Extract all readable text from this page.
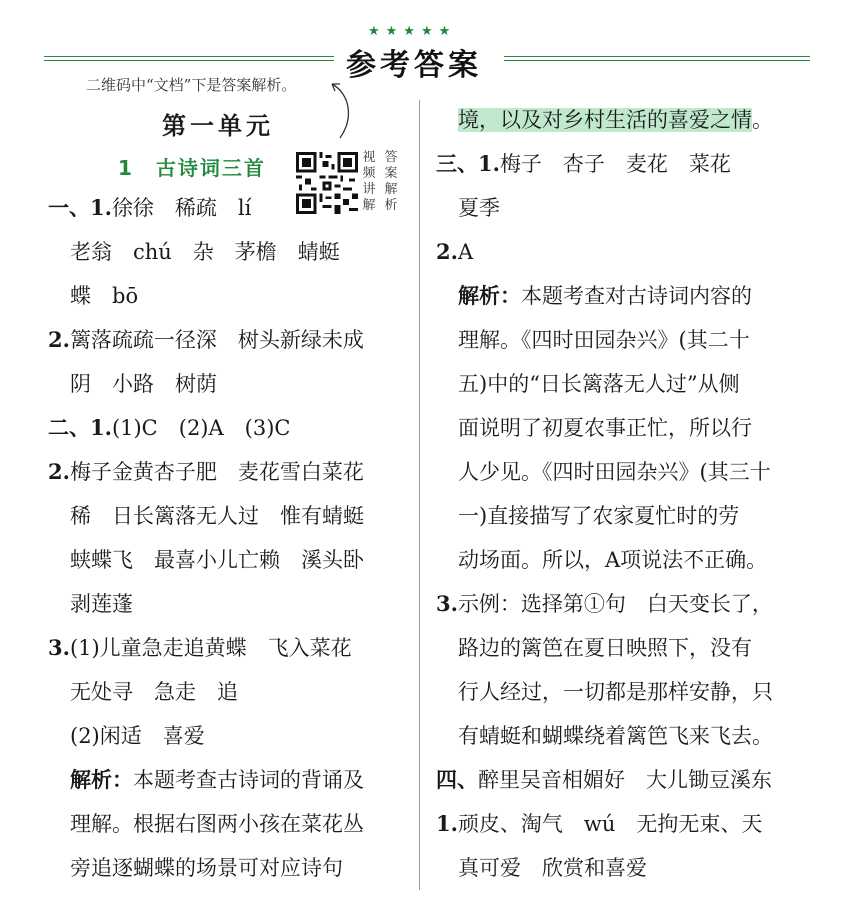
★★★★★
参考答案
二维码中“文档”下是答案解析。
第一单元
1　古诗词三首	视频讲解
答案解析
一、1.徐徐　稀疏　lí
老翁　chú　杂　茅檐　蜻蜓
蝶　bō
2.篱落疏疏一径深　树头新绿未成
阴　小路　树荫
二、1.(1)C　(2)A　(3)C
2.梅子金黄杏子肥　麦花雪白菜花
稀　日长篱落无人过　惟有蜻蜓
蛱蝶飞　最喜小儿亡赖　溪头卧
剥莲蓬
3.(1)儿童急走追黄蝶　飞入菜花
无处寻　急走　追
(2)闲适　喜爱
解析：本题考查古诗词的背诵及
理解。根据右图两小孩在菜花丛
旁追逐蝴蝶的场景可对应诗句
境，以及对乡村生活的喜爱之情。
三、1.梅子　杏子　麦花　菜花
夏季
2.A
解析：本题考查对古诗词内容的
理解。《四时田园杂兴》(其二十
五)中的“日长篱落无人过”从侧
面说明了初夏农事正忙，所以行
人少见。《四时田园杂兴》(其三十
一)直接描写了农家夏忙时的劳
动场面。所以，A项说法不正确。
3.示例：选择第①句　白天变长了，
路边的篱笆在夏日映照下，没有
行人经过，一切都是那样安静，只
有蜻蜓和蝴蝶绕着篱笆飞来飞去。
四、醉里吴音相媚好　大儿锄豆溪东
1.顽皮、淘气　wú　无拘无束、天
真可爱　欣赏和喜爱
